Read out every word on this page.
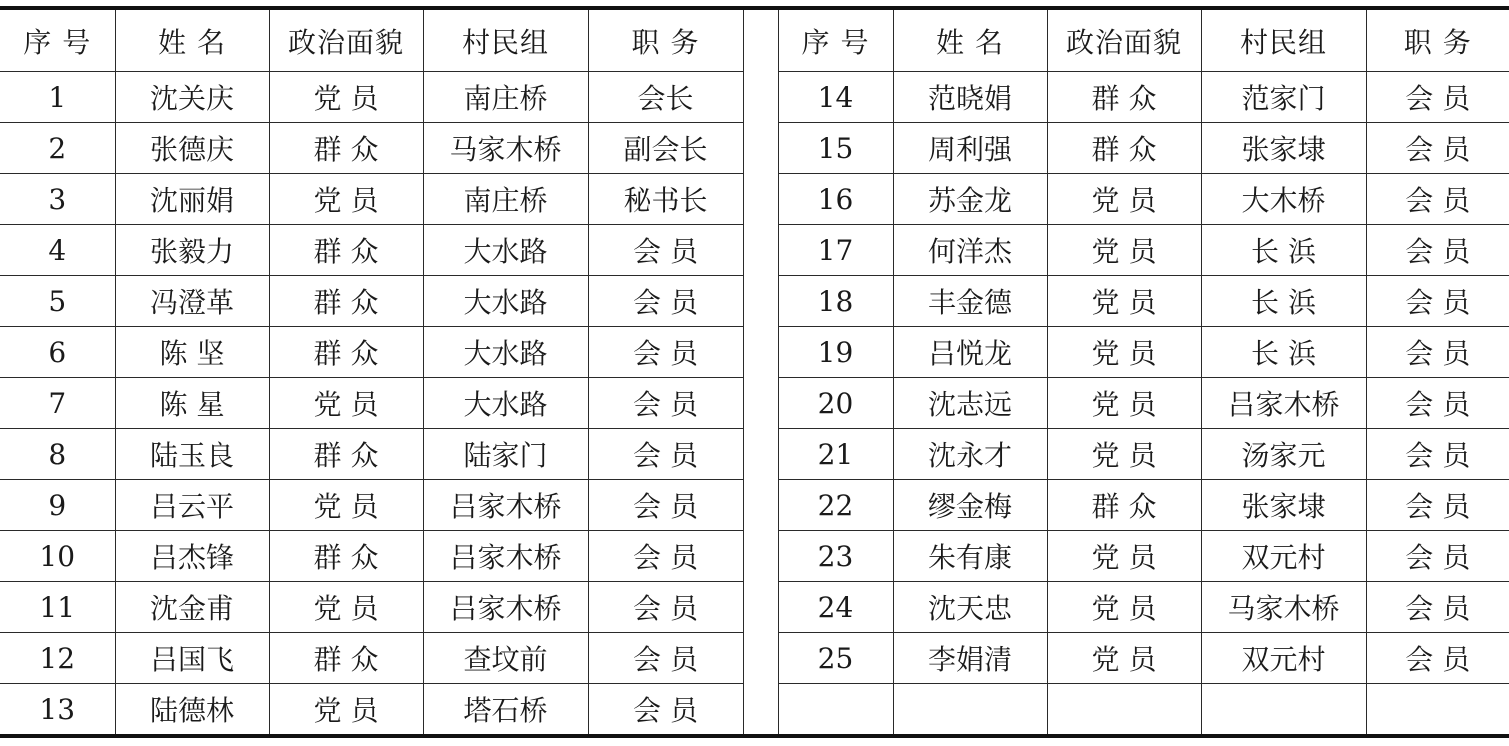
序 号	姓 名	政治面貌	村民组	职 务		序 号	姓 名	政治面貌	村民组	职 务
1	沈关庆	党 员	南庄桥	会长		14	范晓娟	群 众	范家门	会 员
2	张德庆	群 众	马家木桥	副会长		15	周利强	群 众	张家埭	会 员
3	沈丽娟	党 员	南庄桥	秘书长		16	苏金龙	党 员	大木桥	会 员
4	张毅力	群 众	大水路	会 员		17	何洋杰	党 员	长 浜	会 员
5	冯澄革	群 众	大水路	会 员		18	丰金德	党 员	长 浜	会 员
6	陈 坚	群 众	大水路	会 员		19	吕悦龙	党 员	长 浜	会 员
7	陈 星	党 员	大水路	会 员		20	沈志远	党 员	吕家木桥	会 员
8	陆玉良	群 众	陆家门	会 员		21	沈永才	党 员	汤家元	会 员
9	吕云平	党 员	吕家木桥	会 员		22	缪金梅	群 众	张家埭	会 员
10	吕杰锋	群 众	吕家木桥	会 员		23	朱有康	党 员	双元村	会 员
11	沈金甫	党 员	吕家木桥	会 员		24	沈天忠	党 员	马家木桥	会 员
12	吕国飞	群 众	查坟前	会 员		25	李娟清	党 员	双元村	会 员
13	陆德林	党 员	塔石桥	会 员						
